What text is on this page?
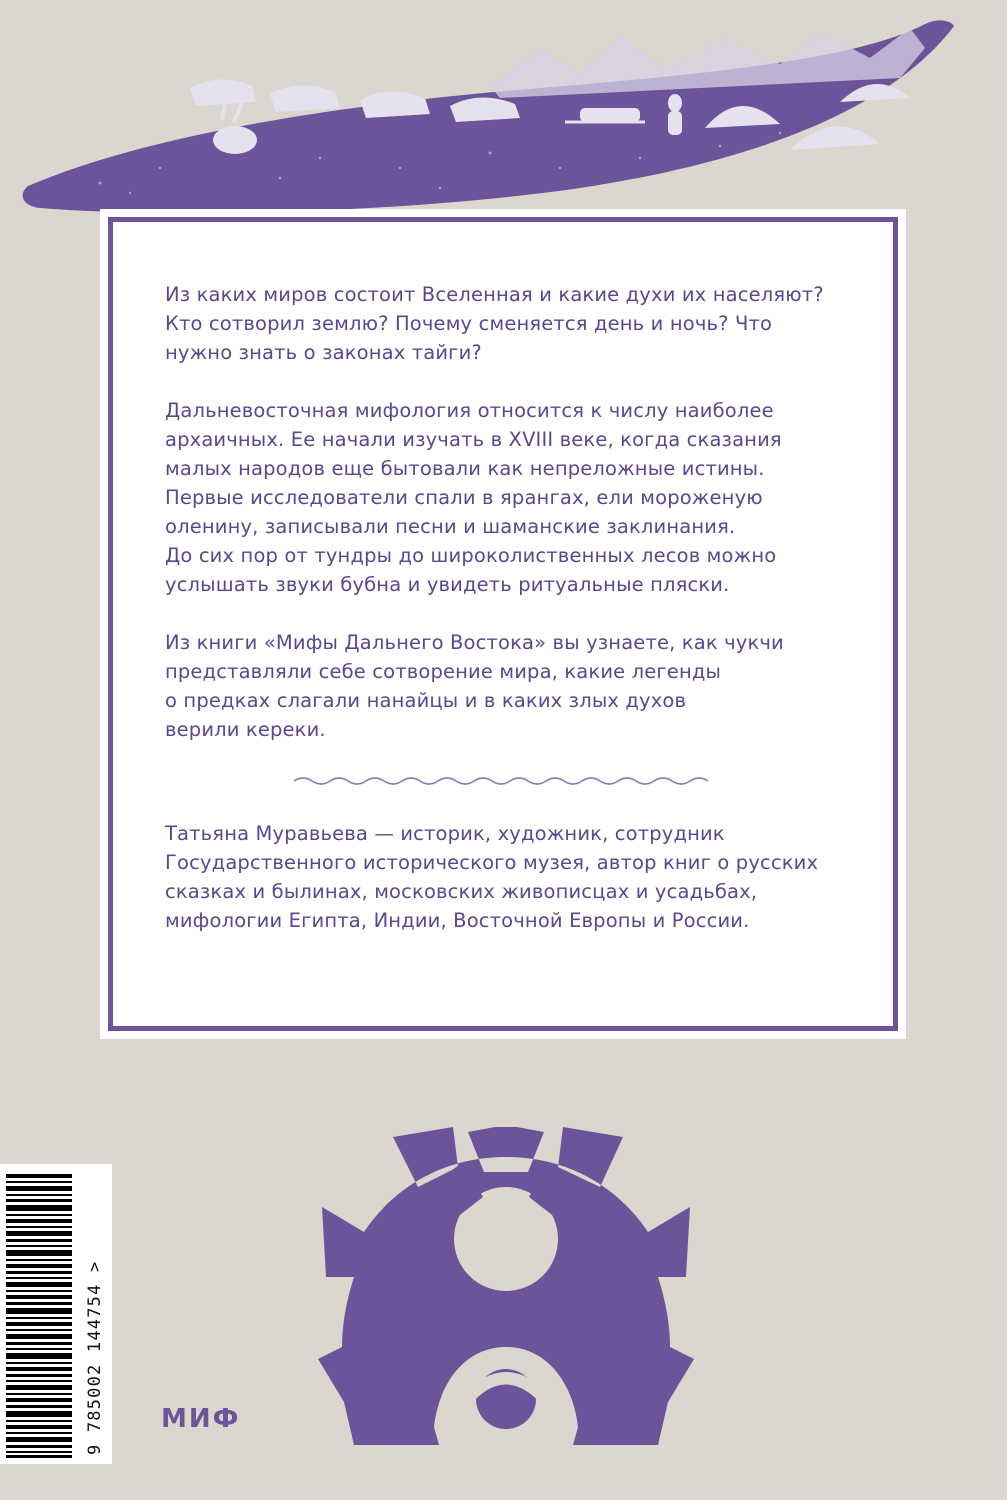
Из каких миров состоит Вселенная и какие духи их населяют?
Кто сотворил землю? Почему сменяется день и ночь? Что
нужно знать о законах тайги?

Дальневосточная мифология относится к числу наиболее
архаичных. Ее начали изучать в XVIII веке, когда сказания
малых народов еще бытовали как непреложные истины.
Первые исследователи спали в ярангах, ели мороженую
оленину, записывали песни и шаманские заклинания.
До сих пор от тундры до широколиственных лесов можно
услышать звуки бубна и увидеть ритуальные пляски.

Из книги «Мифы Дальнего Востока» вы узнаете, как чукчи
представляли себе сотворение мира, какие легенды
о предках слагали нанайцы и в каких злых духов
верили кереки.

Татьяна Муравьева — историк, художник, сотрудник
Государственного исторического музея, автор книг о русских
сказках и былинах, московских живописцах и усадьбах,
мифологии Египта, Индии, Восточной Европы и России.

9 785002 144754 > МИФ
